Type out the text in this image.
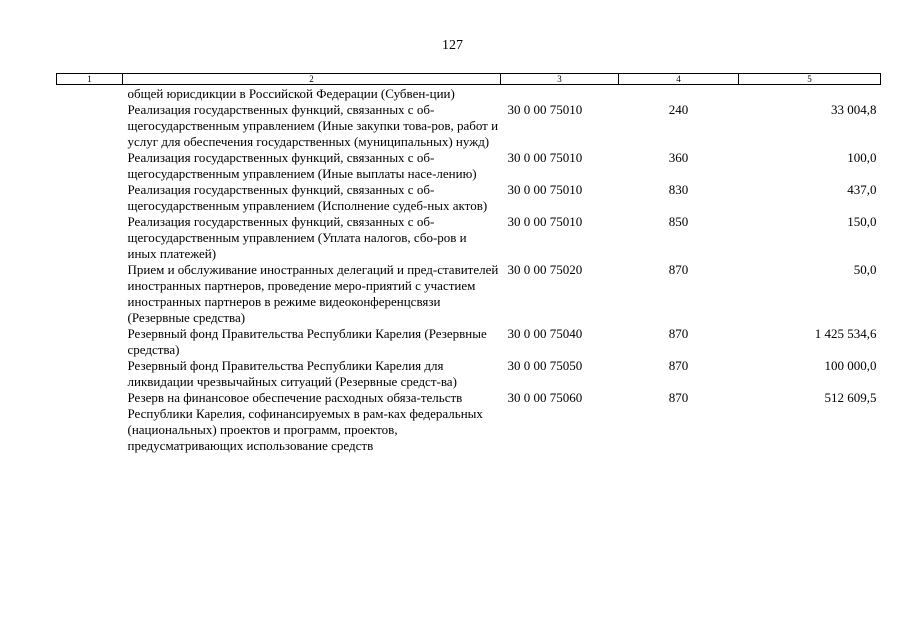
127
1	2	3	4	5
	общей юрисдикции в Российской Федерации (Субвен-ции)			
	Реализация государственных функций, связанных с об-щегосударственным управлением (Иные закупки това-ров, работ и услуг для обеспечения государственных (муниципальных) нужд)	30 0 00 75010	240	33 004,8
	Реализация государственных функций, связанных с об-щегосударственным управлением (Иные выплаты насе-лению)	30 0 00 75010	360	100,0
	Реализация государственных функций, связанных с об-щегосударственным управлением (Исполнение судеб-ных актов)	30 0 00 75010	830	437,0
	Реализация государственных функций, связанных с об-щегосударственным управлением (Уплата налогов, сбо-ров и иных платежей)	30 0 00 75010	850	150,0
	Прием и обслуживание иностранных делегаций и пред-ставителей иностранных партнеров, проведение меро-приятий с участием иностранных партнеров в режиме видеоконференцсвязи (Резервные средства)	30 0 00 75020	870	50,0
	Резервный фонд Правительства Республики Карелия (Резервные средства)	30 0 00 75040	870	1 425 534,6
	Резервный фонд Правительства Республики Карелия для ликвидации чрезвычайных ситуаций (Резервные средст-ва)	30 0 00 75050	870	100 000,0
	Резерв на финансовое обеспечение расходных обяза-тельств Республики Карелия, софинансируемых в рам-ках федеральных (национальных) проектов и программ, проектов, предусматривающих использование средств	30 0 00 75060	870	512 609,5
